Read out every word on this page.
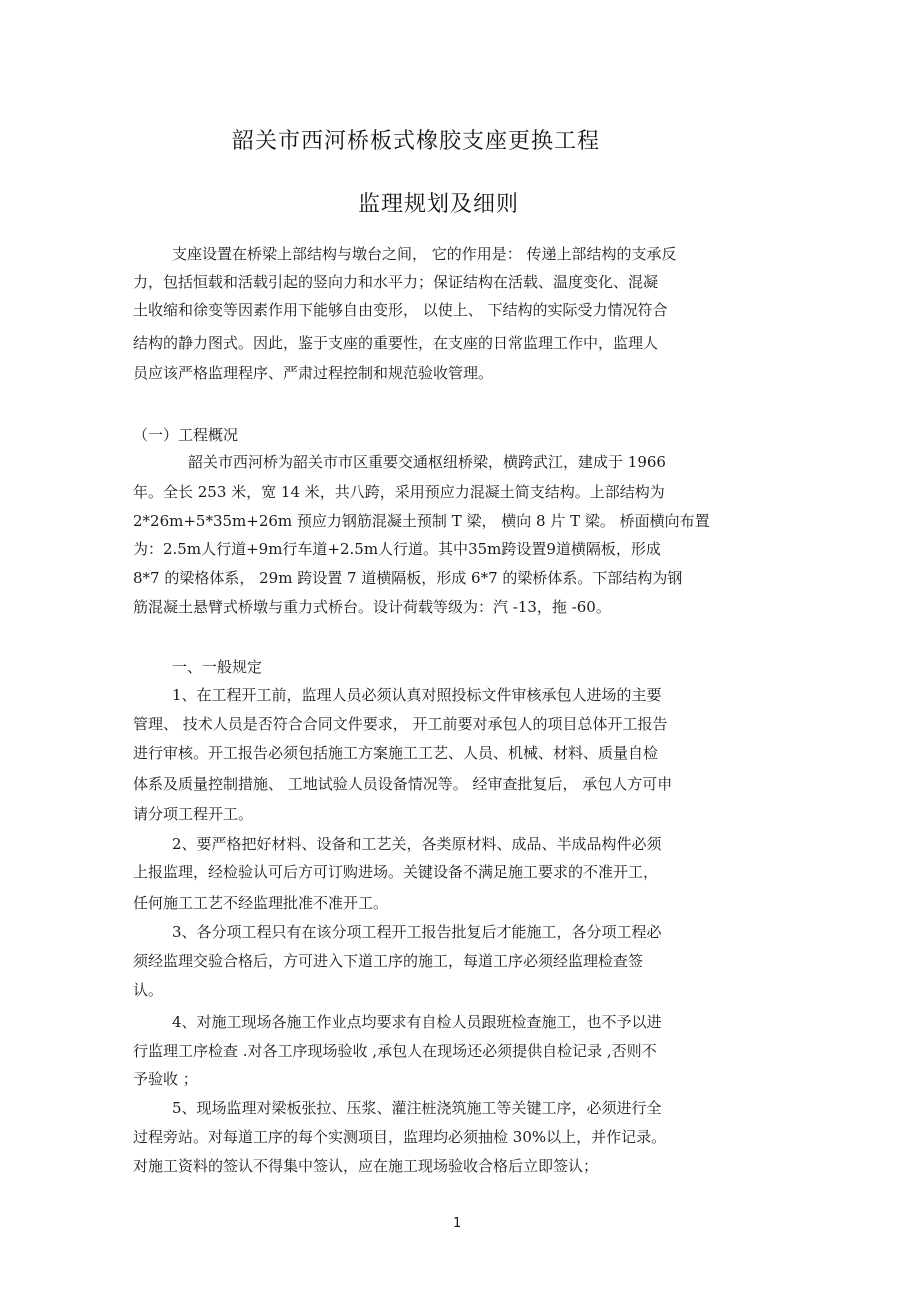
韶关市西河桥板式橡胶支座更换工程
监理规划及细则
支座设置在桥梁上部结构与墩台之间， 它的作用是： 传递上部结构的支承反
力，包括恒载和活载引起的竖向力和水平力；保证结构在活载、温度变化、混凝
土收缩和徐变等因素作用下能够自由变形， 以使上、 下结构的实际受力情况符合
结构的静力图式。因此，鉴于支座的重要性，在支座的日常监理工作中，监理人
员应该严格监理程序、严肃过程控制和规范验收管理。
（一）工程概况
韶关市西河桥为韶关市市区重要交通枢纽桥梁，横跨武江，建成于 1966
年。全长 253 米，宽 14 米，共八跨，采用预应力混凝土简支结构。上部结构为
2*26m+5*35m+26m 预应力钢筋混凝土预制 T 梁， 横向 8 片 T 梁。 桥面横向布置
为：2.5m人行道+9m行车道+2.5m人行道。其中35m跨设置9道横隔板，形成
8*7 的梁格体系， 29m 跨设置 7 道横隔板，形成 6*7 的梁桥体系。下部结构为钢
筋混凝土悬臂式桥墩与重力式桥台。设计荷载等级为：汽 -13，拖 -60。
一、一般规定
1、在工程开工前，监理人员必须认真对照投标文件审核承包人进场的主要
管理、 技术人员是否符合合同文件要求， 开工前要对承包人的项目总体开工报告
进行审核。开工报告必须包括施工方案施工工艺、人员、机械、材料、质量自检
体系及质量控制措施、 工地试验人员设备情况等。 经审查批复后， 承包人方可申
请分项工程开工。
2、要严格把好材料、设备和工艺关，各类原材料、成品、半成品构件必须
上报监理，经检验认可后方可订购进场。关键设备不满足施工要求的不准开工，
任何施工工艺不经监理批准不准开工。
3、各分项工程只有在该分项工程开工报告批复后才能施工，各分项工程必
须经监理交验合格后，方可进入下道工序的施工，每道工序必须经监理检查签
认。
4、对施工现场各施工作业点均要求有自检人员跟班检查施工，也不予以进
行监理工序检查 .对各工序现场验收 ,承包人在现场还必须提供自检记录 ,否则不
予验收 ；
5、现场监理对梁板张拉、压浆、灌注桩浇筑施工等关键工序，必须进行全
过程旁站。对每道工序的每个实测项目，监理均必须抽检 30%以上，并作记录。
对施工资料的签认不得集中签认，应在施工现场验收合格后立即签认；
1
